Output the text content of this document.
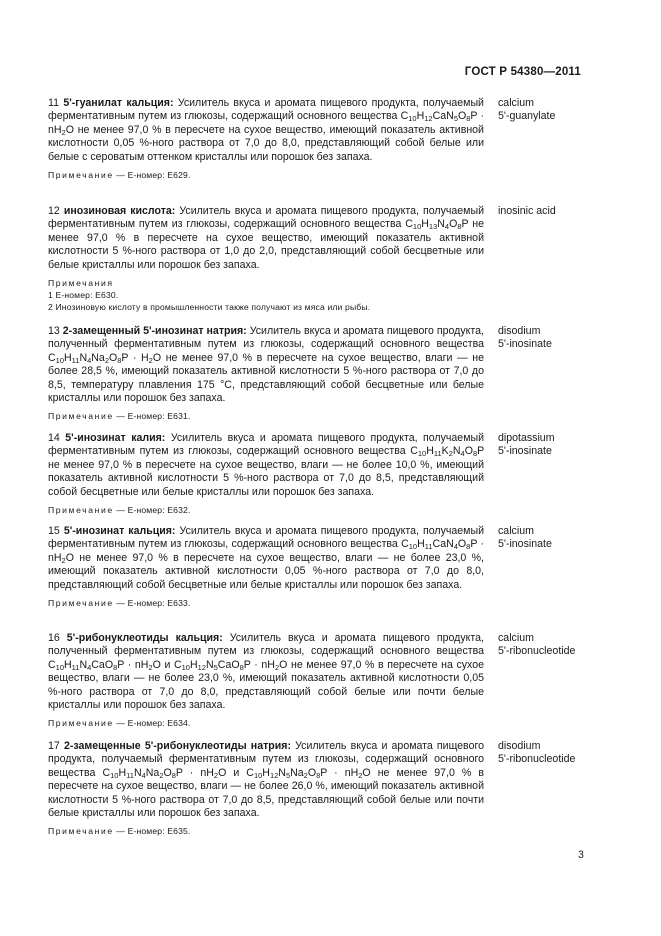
ГОСТ Р 54380—2011
11 5'-гуанилат кальция: Усилитель вкуса и аромата пищевого продукта, получаемый ферментативным путем из глюкозы, содержащий основного вещества $C_{10}H_{12}CaN_5O_8P \cdot nH_2O$ не менее 97,0 % в пересчете на сухое вещество, имеющий показатель активной кислотности 0,05 %-ного раствора от 7,0 до 8,0, представляющий собой белые или белые с сероватым оттенком кристаллы или порошок без запаха.
calcium
5'-guanylate
Примечание — Е-номер: Е629.
12 инозиновая кислота: Усилитель вкуса и аромата пищевого продукта, получаемый ферментативным путем из глюкозы, содержащий основного вещества $C_{10}H_{13}N_4O_8P$ не менее 97,0 % в пересчете на сухое вещество, имеющий показатель активной кислотности 5 %-ного раствора от 1,0 до 2,0, представляющий собой бесцветные или белые кристаллы или порошок без запаха.
inosinic acid
Примечания
1 Е-номер: Е630.
2 Инозиновую кислоту в промышленности также получают из мяса или рыбы.
13 2-замещенный 5'-инозинат натрия: Усилитель вкуса и аромата пищевого продукта, полученный ферментативным путем из глюкозы, содержащий основного вещества $C_{10}H_{11}N_4Na_2O_8P \cdot H_2O$ не менее 97,0 % в пересчете на сухое вещество, влаги — не более 28,5 %, имеющий показатель активной кислотности 5 %-ного раствора от 7,0 до 8,5, температуру плавления 175 °С, представляющий собой бесцветные или белые кристаллы или порошок без запаха.
disodium
5'-inosinate
Примечание — Е-номер: Е631.
14 5'-инозинат калия: Усилитель вкуса и аромата пищевого продукта, получаемый ферментативным путем из глюкозы, содержащий основного вещества $C_{10}H_{11}K_2N_4O_8P$ не менее 97,0 % в пересчете на сухое вещество, влаги — не более 10,0 %, имеющий показатель активной кислотности 5 %-ного раствора от 7,0 до 8,5, представляющий собой бесцветные или белые кристаллы или порошок без запаха.
dipotassium
5'-inosinate
Примечание — Е-номер: Е632.
15 5'-инозинат кальция: Усилитель вкуса и аромата пищевого продукта, получаемый ферментативным путем из глюкозы, содержащий основного вещества $C_{10}H_{11}CaN_4O_8P \cdot nH_2O$ не менее 97,0 % в пересчете на сухое вещество, влаги — не более 23,0 %, имеющий показатель активной кислотности 0,05 %-ного раствора от 7,0 до 8,0, представляющий собой бесцветные или белые кристаллы или порошок без запаха.
calcium
5'-inosinate
Примечание — Е-номер: Е633.
16 5'-рибонуклеотиды кальция: Усилитель вкуса и аромата пищевого продукта, полученный ферментативным путем из глюкозы, содержащий основного вещества $C_{10}H_{11}N_4CaO_8P \cdot nH_2O$ и $C_{10}H_{12}N_5CaO_8P \cdot nH_2O$ не менее 97,0 % в пересчете на сухое вещество, влаги — не более 23,0 %, имеющий показатель активной кислотности 0,05 %-ного раствора от 7,0 до 8,0, представляющий собой белые или почти белые кристаллы или порошок без запаха.
calcium
5'-ribonucleotide
Примечание — Е-номер: Е634.
17 2-замещенные 5'-рибонуклеотиды натрия: Усилитель вкуса и аромата пищевого продукта, получаемый ферментативным путем из глюкозы, содержащий основного вещества $C_{10}H_{11}N_4Na_2O_8P \cdot nH_2O$ и $C_{10}H_{12}N_5Na_2O_8P \cdot nH_2O$ не менее 97,0 % в пересчете на сухое вещество, влаги — не более 26,0 %, имеющий показатель активной кислотности 5 %-ного раствора от 7,0 до 8,5, представляющий собой белые или почти белые кристаллы или порошок без запаха.
disodium
5'-ribonucleotide
Примечание — Е-номер: Е635.
3
